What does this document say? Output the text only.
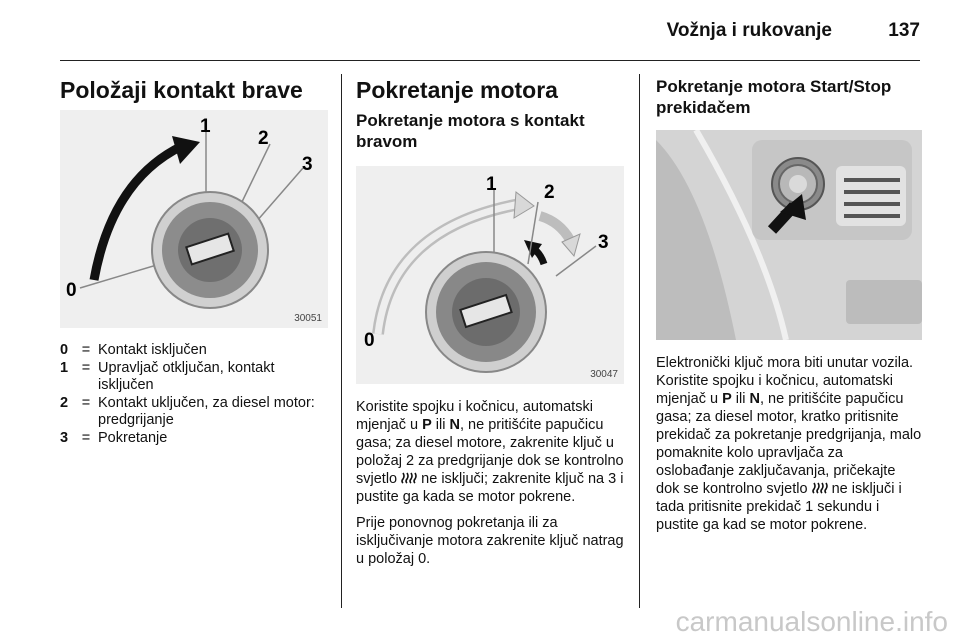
Vožnja i rukovanje	137
Položaji kontakt brave
0
1
2
3
30051
0 = Kontakt isključen
1 = Upravljač otključan, kontakt isključen
2 = Kontakt uključen, za diesel motor: predgrijanje
3 = Pokretanje
Pokretanje motora
Pokretanje motora s kontakt bravom
0
1 2
3
30047

Koristite spojku i kočnicu, automatski mjenjač u P ili N, ne pritišćite papučicu gasa; za diesel motore, zakrenite ključ u položaj 2 za predgrijanje dok se kontrolno svjetlo  ne isključi; zakrenite ključ na 3 i pustite ga kada se motor pokrene.

Prije ponovnog pokretanja ili za isključivanje motora zakrenite ključ natrag u položaj 0.

Pokretanje motora Start/Stop prekidačem

Elektronički ključ mora biti unutar vozila. Koristite spojku i kočnicu, automatski mjenjač u P ili N, ne pritišćite papučicu gasa; za diesel motor, kratko pritisnite prekidač za pokretanje predgrijanja, malo pomaknite kolo upravljača za oslobađanje zaključavanja, pričekajte dok se kontrolno svjetlo  ne isključi i tada pritisnite prekidač 1 sekundu i pustite ga kad se motor pokrene.

carmanualsonline.info
